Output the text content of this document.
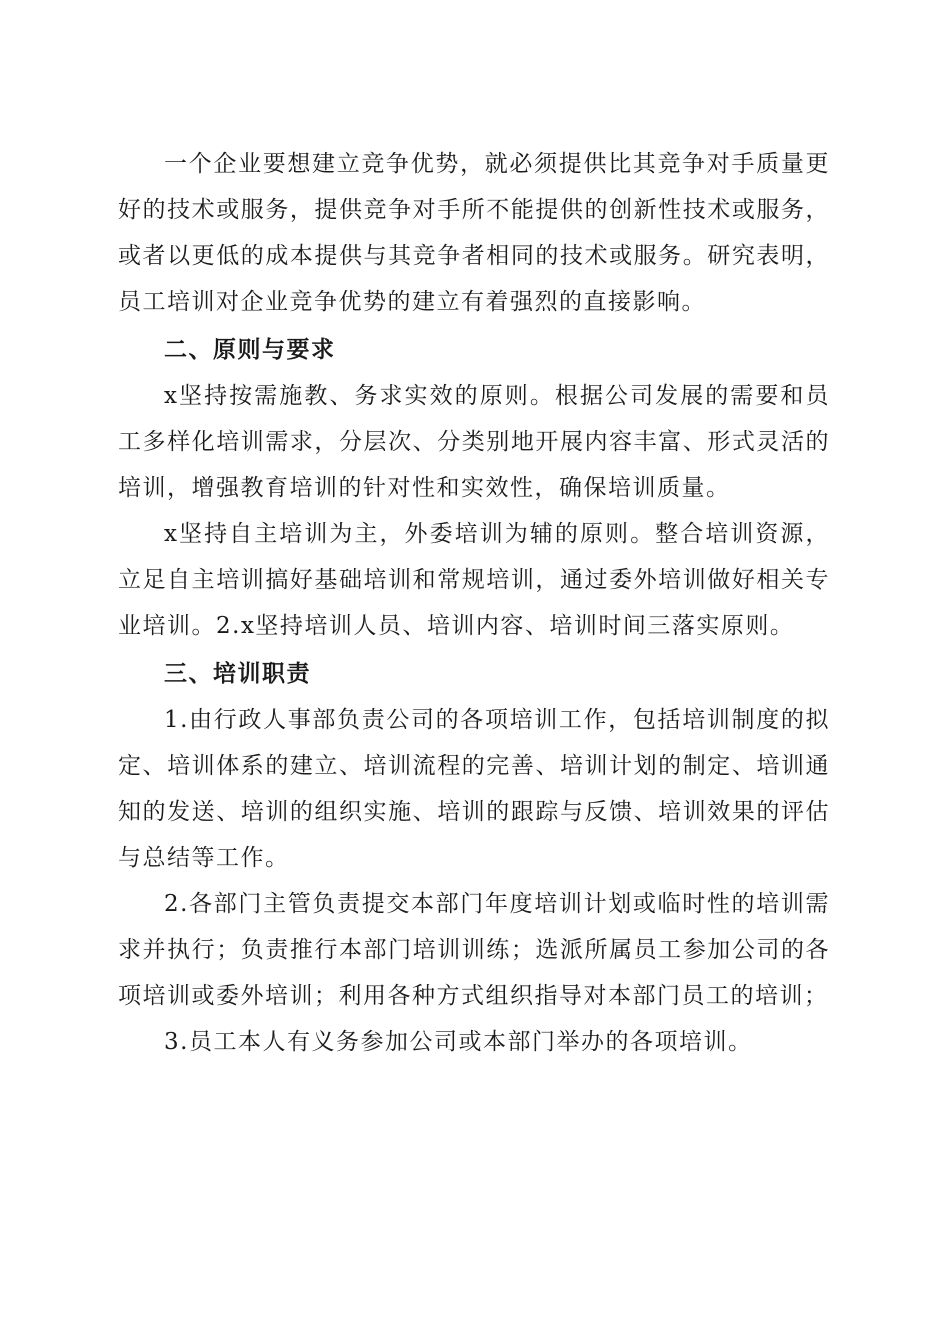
一个企业要想建立竞争优势，就必须提供比其竞争对手质量更好的技术或服务，提供竞争对手所不能提供的创新性技术或服务，或者以更低的成本提供与其竞争者相同的技术或服务。研究表明，员工培训对企业竞争优势的建立有着强烈的直接影响。

二、原则与要求

x坚持按需施教、务求实效的原则。根据公司发展的需要和员工多样化培训需求，分层次、分类别地开展内容丰富、形式灵活的培训，增强教育培训的针对性和实效性，确保培训质量。

x坚持自主培训为主，外委培训为辅的原则。整合培训资源，立足自主培训搞好基础培训和常规培训，通过委外培训做好相关专业培训。2.x坚持培训人员、培训内容、培训时间三落实原则。

三、培训职责

1.由行政人事部负责公司的各项培训工作，包括培训制度的拟定、培训体系的建立、培训流程的完善、培训计划的制定、培训通知的发送、培训的组织实施、培训的跟踪与反馈、培训效果的评估与总结等工作。

2.各部门主管负责提交本部门年度培训计划或临时性的培训需求并执行；负责推行本部门培训训练；选派所属员工参加公司的各项培训或委外培训；利用各种方式组织指导对本部门员工的培训；

3.员工本人有义务参加公司或本部门举办的各项培训。
